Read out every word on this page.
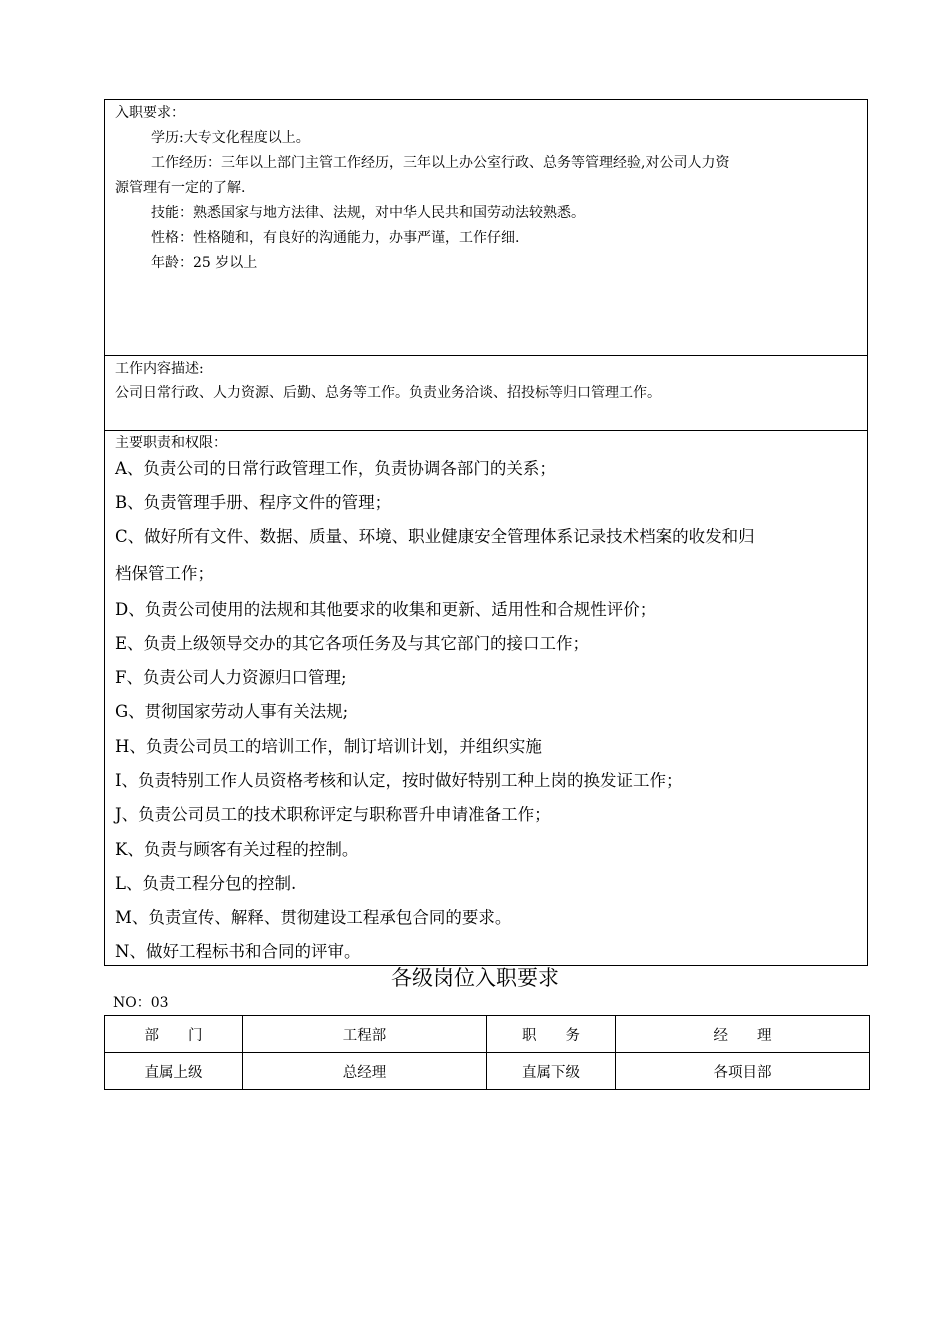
入职要求：
学历:大专文化程度以上。
工作经历：三年以上部门主管工作经历，三年以上办公室行政、总务等管理经验,对公司人力资
源管理有一定的了解.
技能：熟悉国家与地方法律、法规，对中华人民共和国劳动法较熟悉。
性格：性格随和，有良好的沟通能力，办事严谨，工作仔细.
年龄：25 岁以上
工作内容描述:
公司日常行政、人力资源、后勤、总务等工作。负责业务洽谈、招投标等归口管理工作。
主要职责和权限：
A、负责公司的日常行政管理工作，负责协调各部门的关系；
B、负责管理手册、程序文件的管理；
C、做好所有文件、数据、质量、环境、职业健康安全管理体系记录技术档案的收发和归
档保管工作；
D、负责公司使用的法规和其他要求的收集和更新、适用性和合规性评价；
E、负责上级领导交办的其它各项任务及与其它部门的接口工作；
F、负责公司人力资源归口管理;
G、贯彻国家劳动人事有关法规;
H、负责公司员工的培训工作，制订培训计划，并组织实施
I、负责特别工作人员资格考核和认定，按时做好特别工种上岗的换发证工作；
J、负责公司员工的技术职称评定与职称晋升申请准备工作；
K、负责与顾客有关过程的控制。
L、负责工程分包的控制.
M、负责宣传、解释、贯彻建设工程承包合同的要求。
N、做好工程标书和合同的评审。
各级岗位入职要求
NO：03
部　　门	工程部	职　　务	经　　理
直属上级	总经理	直属下级	各项目部
